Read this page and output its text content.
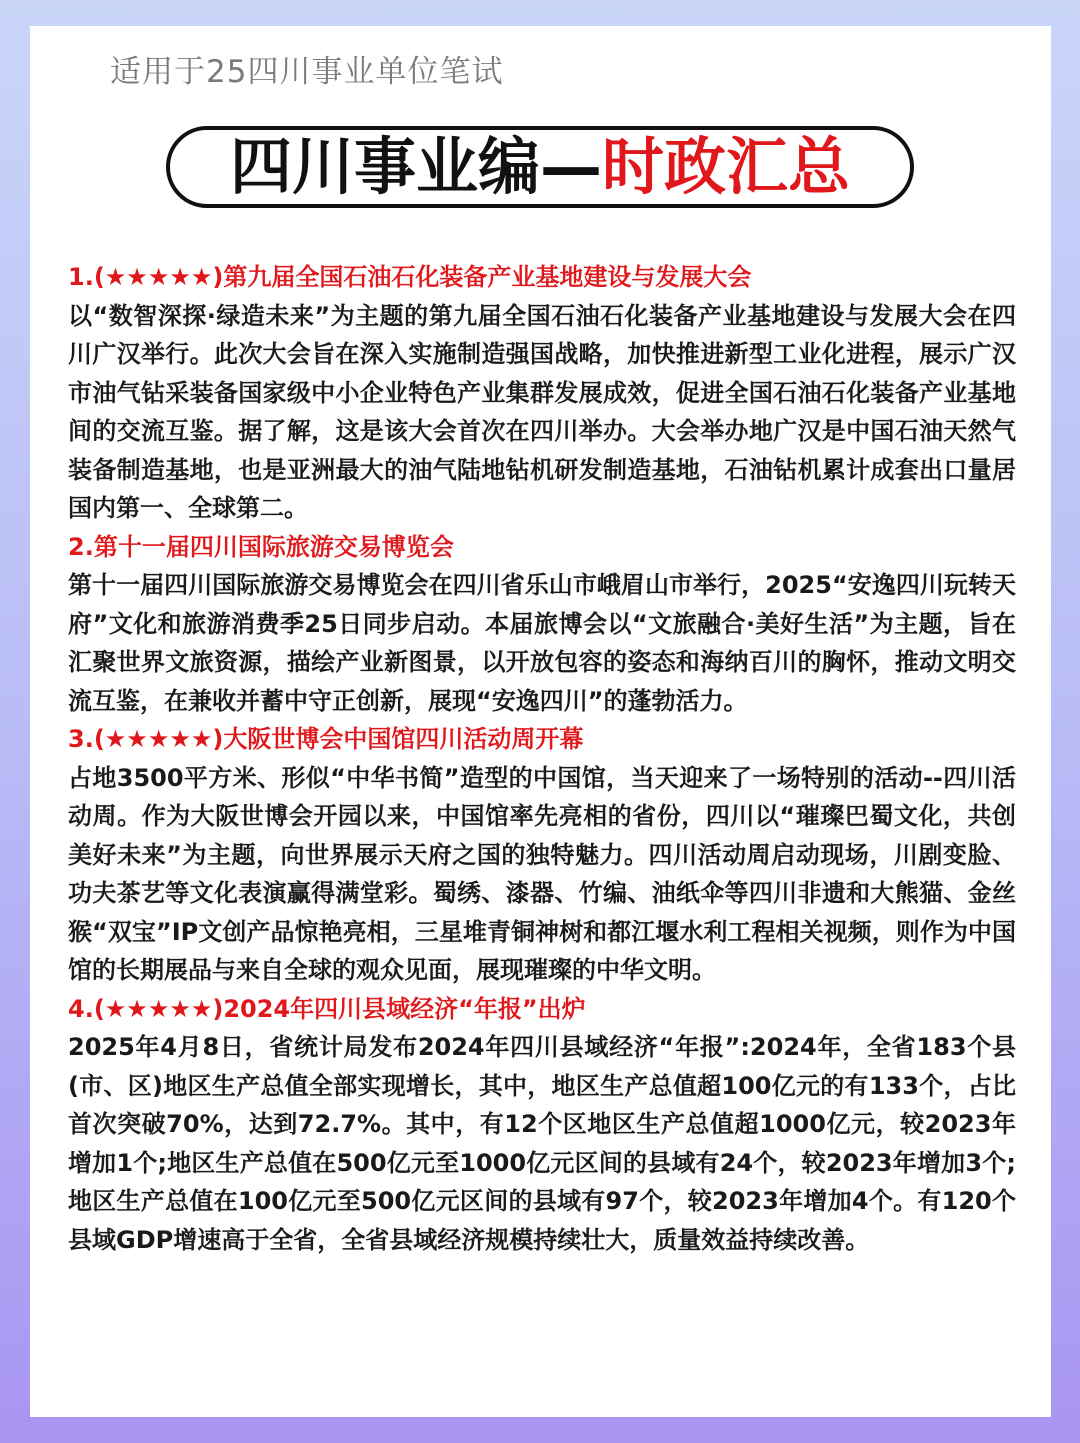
适用于25四川事业单位笔试
四川事业编— 时政汇总

1.(★★★★★)第九届全国石油石化装备产业基地建设与发展大会

以“数智深探·绿造未来”为主题的第九届全国石油石化装备产业基地建设与发展大会在四川广汉举行。此次大会旨在深入实施制造强国战略，加快推进新型工业化进程，展示广汉市油气钻采装备国家级中小企业特色产业集群发展成效，促进全国石油石化装备产业基地间的交流互鉴。据了解，这是该大会首次在四川举办。大会举办地广汉是中国石油天然气装备制造基地，也是亚洲最大的油气陆地钻机研发制造基地，石油钻机累计成套出口量居国内第一、全球第二。

2.第十一届四川国际旅游交易博览会

第十一届四川国际旅游交易博览会在四川省乐山市峨眉山市举行，2025“安逸四川玩转天府”文化和旅游消费季25日同步启动。本届旅博会以“文旅融合·美好生活”为主题，旨在汇聚世界文旅资源，描绘产业新图景，以开放包容的姿态和海纳百川的胸怀，推动文明交流互鉴，在兼收并蓄中守正创新，展现“安逸四川”的蓬勃活力。

3.(★★★★★)大阪世博会中国馆四川活动周开幕

占地3500平方米、形似“中华书简”造型的中国馆，当天迎来了一场特别的活动--四川活动周。作为大阪世博会开园以来，中国馆率先亮相的省份，四川以“璀璨巴蜀文化，共创美好未来”为主题，向世界展示天府之国的独特魅力。四川活动周启动现场，川剧变脸、功夫茶艺等文化表演赢得满堂彩。蜀绣、漆器、竹编、油纸伞等四川非遗和大熊猫、金丝猴“双宝”IP文创产品惊艳亮相，三星堆青铜神树和都江堰水利工程相关视频，则作为中国馆的长期展品与来自全球的观众见面，展现璀璨的中华文明。

4.(★★★★★)2024年四川县域经济“年报”出炉

2025年4月8日，省统计局发布2024年四川县域经济“年报”:2024年，全省183个县(市、区)地区生产总值全部实现增长，其中，地区生产总值超100亿元的有133个，占比首次突破70%，达到72.7%。其中，有12个区地区生产总值超1000亿元，较2023年增加1个;地区生产总值在500亿元至1000亿元区间的县域有24个，较2023年增加3个;地区生产总值在100亿元至500亿元区间的县域有97个，较2023年增加4个。有120个县域GDP增速高于全省，全省县域经济规模持续壮大，质量效益持续改善。
